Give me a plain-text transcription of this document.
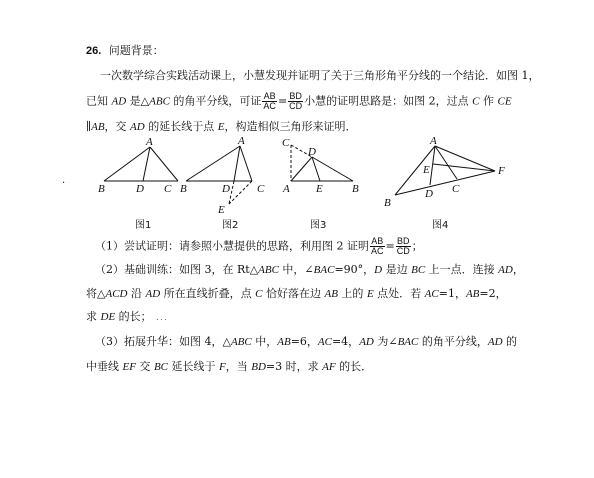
26. 问题背景：
一次数学综合实践活动课上，小慧发现并证明了关于三角形角平分线的一个结论．如图 1，
已知 AD 是△ABC 的角平分线，可证 $\frac{AB}{AC} = \frac{BD}{CD}$ 小慧的证明思路是：如图 2，过点 C 作 CE
∥AB，交 AD 的延长线于点 E，构造相似三角形来证明．
·
A
B	D C
A
B	D C
E
C
D
A E	B
A
E	F
B
C
D
图1	图2	图3	图4
（1）尝试证明：请参照小慧提供的思路，利用图 2 证明 $\frac{AB}{AC} = \frac{BD}{CD}$ ；
（2）基础训练：如图 3，在 Rt△ABC 中，∠BAC=90°，D 是边 BC 上一点．连接 AD，
将△ACD 沿 AD 所在直线折叠，点 C 恰好落在边 AB 上的 E 点处．若 AC=1，AB=2，
求 DE 的长； ．．．
（3）拓展升华：如图 4，△ABC 中，AB=6，AC=4，AD 为∠BAC 的角平分线，AD 的
中垂线 EF 交 BC 延长线于 F，当 BD=3 时，求 AF 的长．
